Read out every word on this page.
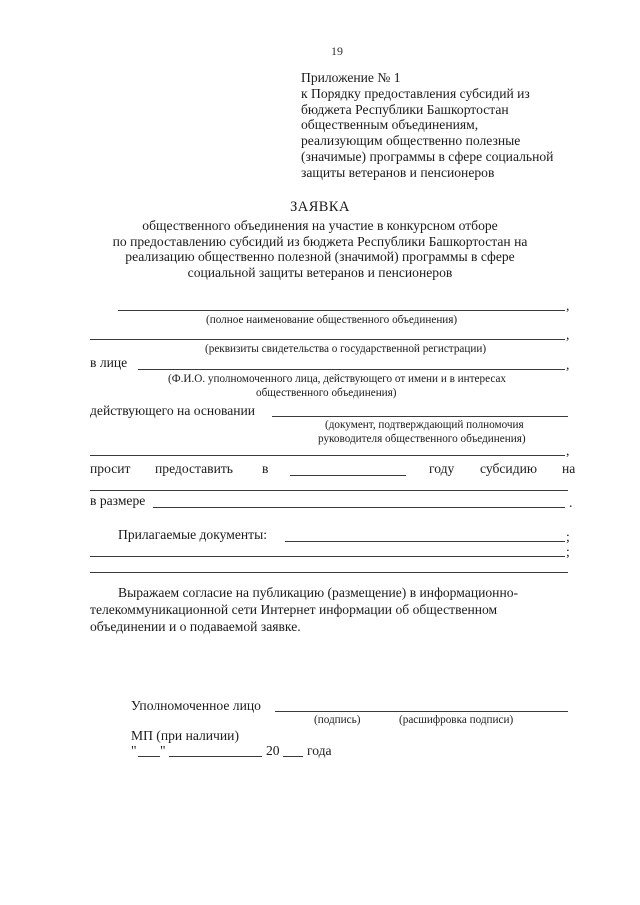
19
Приложение № 1
к Порядку предоставления субсидий из
бюджета Республики Башкортостан
общественным объединениям,
реализующим общественно полезные
(значимые) программы в сфере социальной
защиты ветеранов и пенсионеров
ЗАЯВКА
общественного объединения на участие в конкурсном отборе
по предоставлению субсидий из бюджета Республики Башкортостан на
реализацию общественно полезной (значимой) программы в сфере
социальной защиты ветеранов и пенсионеров
,
(полное наименование общественного объединения)
,
(реквизиты свидетельства о государственной регистрации)
в лице	,
(Ф.И.О. уполномоченного лица, действующего от имени и в интересах
общественного объединения)
действующего на основании
(документ, подтверждающий полномочия
руководителя общественного объединения)
,
просит предоставить в	году субсидию на
в размере	.
Прилагаемые документы:	;
;
Выражаем согласие на публикацию (размещение) в информационно-
телекоммуникационной сети Интернет информации об общественном
объединении и о подаваемой заявке.
Уполномоченное лицо
(подпись)	(расшифровка подписи)
МП (при наличии)
" "	20 года
